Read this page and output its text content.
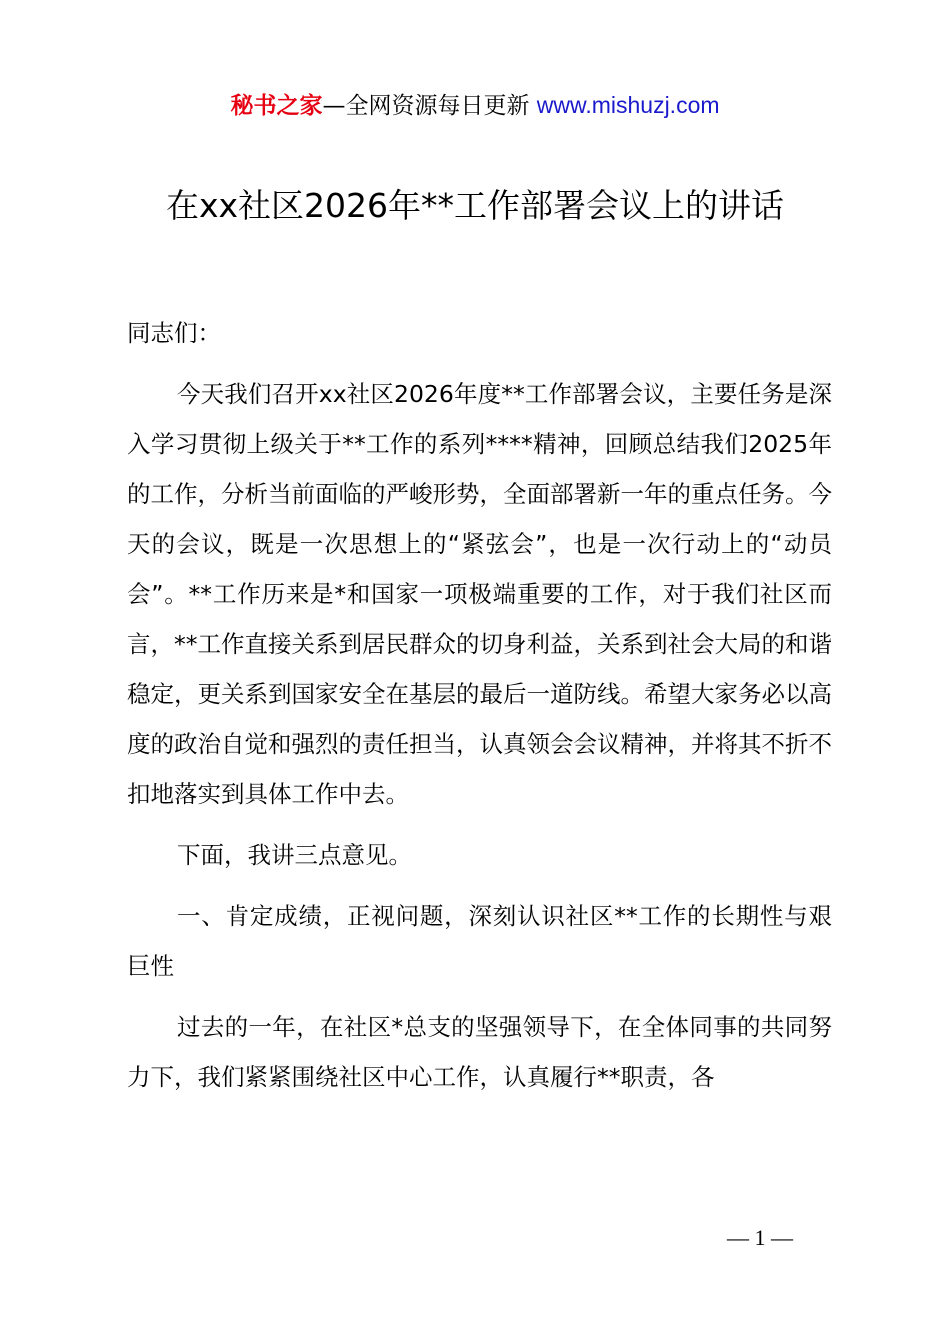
秘书之家—全网资源每日更新 www.mishuzj.com
在xx社区2026年**工作部署会议上的讲话

同志们：

今天我们召开xx社区2026年度**工作部署会议，主要任务是深入学习贯彻上级关于**工作的系列****精神，回顾总结我们2025年的工作，分析当前面临的严峻形势，全面部署新一年的重点任务。今天的会议，既是一次思想上的“紧弦会”，也是一次行动上的“动员会”。**工作历来是*和国家一项极端重要的工作，对于我们社区而言，**工作直接关系到居民群众的切身利益，关系到社会大局的和谐稳定，更关系到国家安全在基层的最后一道防线。希望大家务必以高度的政治自觉和强烈的责任担当，认真领会会议精神，并将其不折不扣地落实到具体工作中去。

下面，我讲三点意见。

一、肯定成绩，正视问题，深刻认识社区**工作的长期性与艰巨性

过去的一年，在社区*总支的坚强领导下，在全体同事的共同努力下，我们紧紧围绕社区中心工作，认真履行**职责，各

— 1 —
